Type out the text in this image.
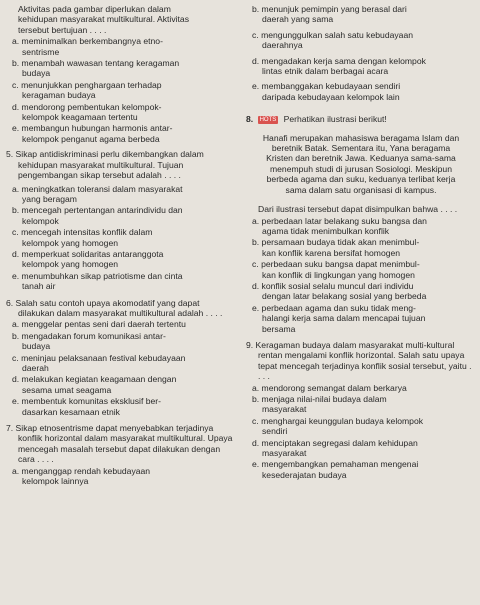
Aktivitas pada gambar diperlukan dalam

kehidupan masyarakat multikultural. Aktivitas

tersebut bertujuan . . . .

a. meminimalkan berkembangnya etno-
sentrisme

b. menambah wawasan tentang keragaman
budaya

c. menunjukkan penghargaan terhadap
keragaman budaya

d. mendorong pembentukan kelompok-
kelompok keagamaan tertentu

e. membangun hubungan harmonis antar-
kelompok penganut agama berbeda

5. Sikap antidiskriminasi perlu dikembangkan dalam kehidupan masyarakat multikultural. Tujuan pengembangan sikap tersebut adalah . . . .

a. meningkatkan toleransi dalam masyarakat
yang beragam

b. mencegah pertentangan antarindividu dan
kelompok

c. mencegah intensitas konflik dalam
kelompok yang homogen

d. memperkuat solidaritas antaranggota
kelompok yang homogen

e. menumbuhkan sikap patriotisme dan cinta
tanah air

6. Salah satu contoh upaya akomodatif yang dapat dilakukan dalam masyarakat multikultural adalah . . . .

a. menggelar pentas seni dari daerah tertentu

b. mengadakan forum komunikasi antar-
budaya

c. meninjau pelaksanaan festival kebudayaan
daerah

d. melakukan kegiatan keagamaan dengan
sesama umat seagama

e. membentuk komunitas eksklusif ber-
dasarkan kesamaan etnik

7. Sikap etnosentrisme dapat menyebabkan terjadinya konflik horizontal dalam masyarakat multikultural. Upaya mencegah masalah tersebut dapat dilakukan dengan cara . . . .

a. menganggap rendah kebudayaan
kelompok lainnya

b. menunjuk pemimpin yang berasal dari
daerah yang sama

c. mengunggulkan salah satu kebudayaan
daerahnya

d. mengadakan kerja sama dengan kelompok
lintas etnik dalam berbagai acara

e. membanggakan kebudayaan sendiri
daripada kebudayaan kelompok lain

8. HOTS Perhatikan ilustrasi berikut!

Hanafi merupakan mahasiswa beragama Islam dan beretnik Batak. Sementara itu, Yana beragama Kristen dan beretnik Jawa. Keduanya sama-sama menempuh studi di jurusan Sosiologi. Meskipun berbeda agama dan suku, keduanya terlibat kerja sama dalam satu organisasi di kampus.

Dari ilustrasi tersebut dapat disimpulkan bahwa . . . .

a. perbedaan latar belakang suku bangsa dan
agama tidak menimbulkan konflik

b. persamaan budaya tidak akan menimbul-
kan konflik karena bersifat homogen

c. perbedaan suku bangsa dapat menimbul-
kan konflik di lingkungan yang homogen

d. konflik sosial selalu muncul dari individu
dengan latar belakang sosial yang berbeda

e. perbedaan agama dan suku tidak meng-
halangi kerja sama dalam mencapai tujuan
bersama

9. Keragaman budaya dalam masyarakat multi-kultural rentan mengalami konflik horizontal. Salah satu upaya tepat mencegah terjadinya konflik sosial tersebut, yaitu . . . .

a. mendorong semangat dalam berkarya

b. menjaga nilai-nilai budaya dalam
masyarakat

c. menghargai keunggulan budaya kelompok
sendiri

d. menciptakan segregasi dalam kehidupan
masyarakat

e. mengembangkan pemahaman mengenai
kesederajatan budaya
